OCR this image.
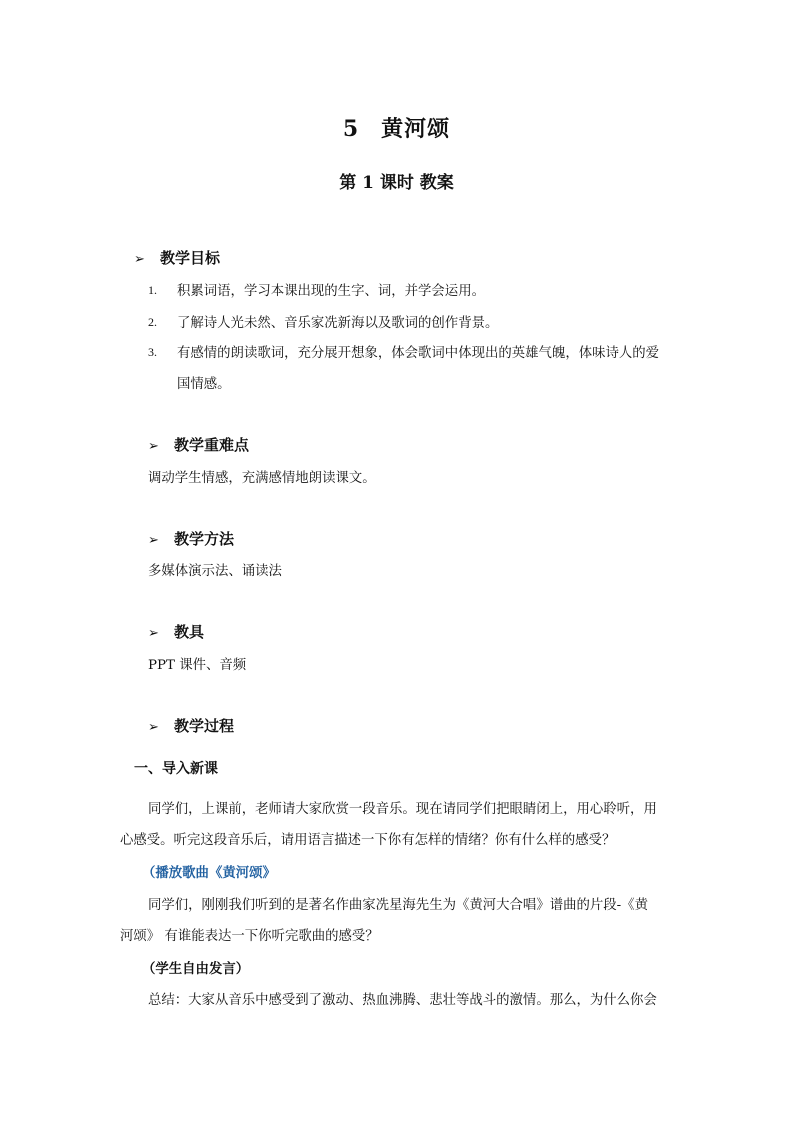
5 黄河颂
第 1 课时 教案
➢ 教学目标
1. 积累词语，学习本课出现的生字、词，并学会运用。
2. 了解诗人光未然、音乐家冼新海以及歌词的创作背景。
3. 有感情的朗读歌词，充分展开想象，体会歌词中体现出的英雄气魄，体味诗人的爱
国情感。
➢ 教学重难点
调动学生情感，充满感情地朗读课文。
➢ 教学方法
多媒体演示法、诵读法
➢ 教具
PPT 课件、音频
➢ 教学过程
一、导入新课
同学们，上课前，老师请大家欣赏一段音乐。现在请同学们把眼睛闭上，用心聆听，用
心感受。听完这段音乐后，请用语言描述一下你有怎样的情绪？你有什么样的感受？
（播放歌曲《黄河颂》
同学们，刚刚我们听到的是著名作曲家冼星海先生为《黄河大合唱》谱曲的片段-《黄
河颂》 有谁能表达一下你听完歌曲的感受？
（学生自由发言）
总结：大家从音乐中感受到了激动、热血沸腾、悲壮等战斗的激情。那么，为什么你会
